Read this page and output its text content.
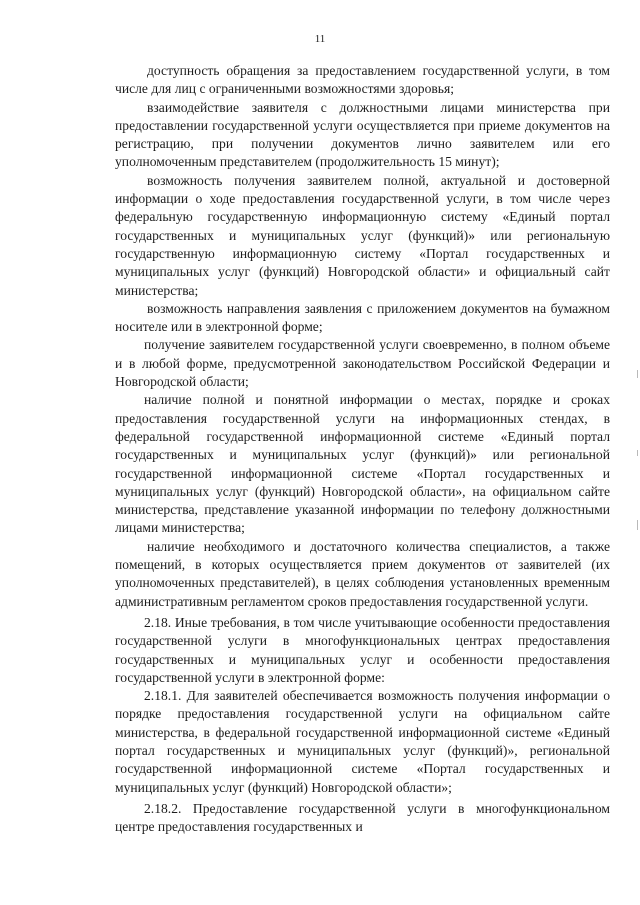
11

доступность обращения за предоставлением государственной услуги, в том числе для лиц с ограниченными возможностями здоровья;

взаимодействие заявителя с должностными лицами министерства при предоставлении государственной услуги осуществляется при приеме документов на регистрацию, при получении документов лично заявителем или его уполномоченным представителем (продолжительность 15 минут);

возможность получения заявителем полной, актуальной и достоверной информации о ходе предоставления государственной услуги, в том числе через федеральную государственную информационную систему «Единый портал государственных и муниципальных услуг (функций)» или региональную государственную информационную систему «Портал государственных и муниципальных услуг (функций) Новгородской области» и официальный сайт министерства;

возможность направления заявления с приложением документов на бумажном носителе или в электронной форме;

получение заявителем государственной услуги своевременно, в полном объеме и в любой форме, предусмотренной законодательством Российской Федерации и Новгородской области;

наличие полной и понятной информации о местах, порядке и сроках предоставления государственной услуги на информационных стендах, в федеральной государственной информационной системе «Единый портал государственных и муниципальных услуг (функций)» или региональной государственной информационной системе «Портал государственных и муниципальных услуг (функций) Новгородской области», на официальном сайте министерства, представление указанной информации по телефону должностными лицами министерства;

наличие необходимого и достаточного количества специалистов, а также помещений, в которых осуществляется прием документов от заявителей (их уполномоченных представителей), в целях соблюдения установленных временным административным регламентом сроков предоставления государственной услуги.

2.18. Иные требования, в том числе учитывающие особенности предоставления государственной услуги в многофункциональных центрах предоставления государственных и муниципальных услуг и особенности предоставления государственной услуги в электронной форме:

2.18.1. Для заявителей обеспечивается возможность получения информации о порядке предоставления государственной услуги на официальном сайте министерства, в федеральной государственной информационной системе «Единый портал государственных и муниципальных услуг (функций)», региональной государственной информационной системе «Портал государственных и муниципальных услуг (функций) Новгородской области»;

2.18.2. Предоставление государственной услуги в многофункциональном центре предоставления государственных и
